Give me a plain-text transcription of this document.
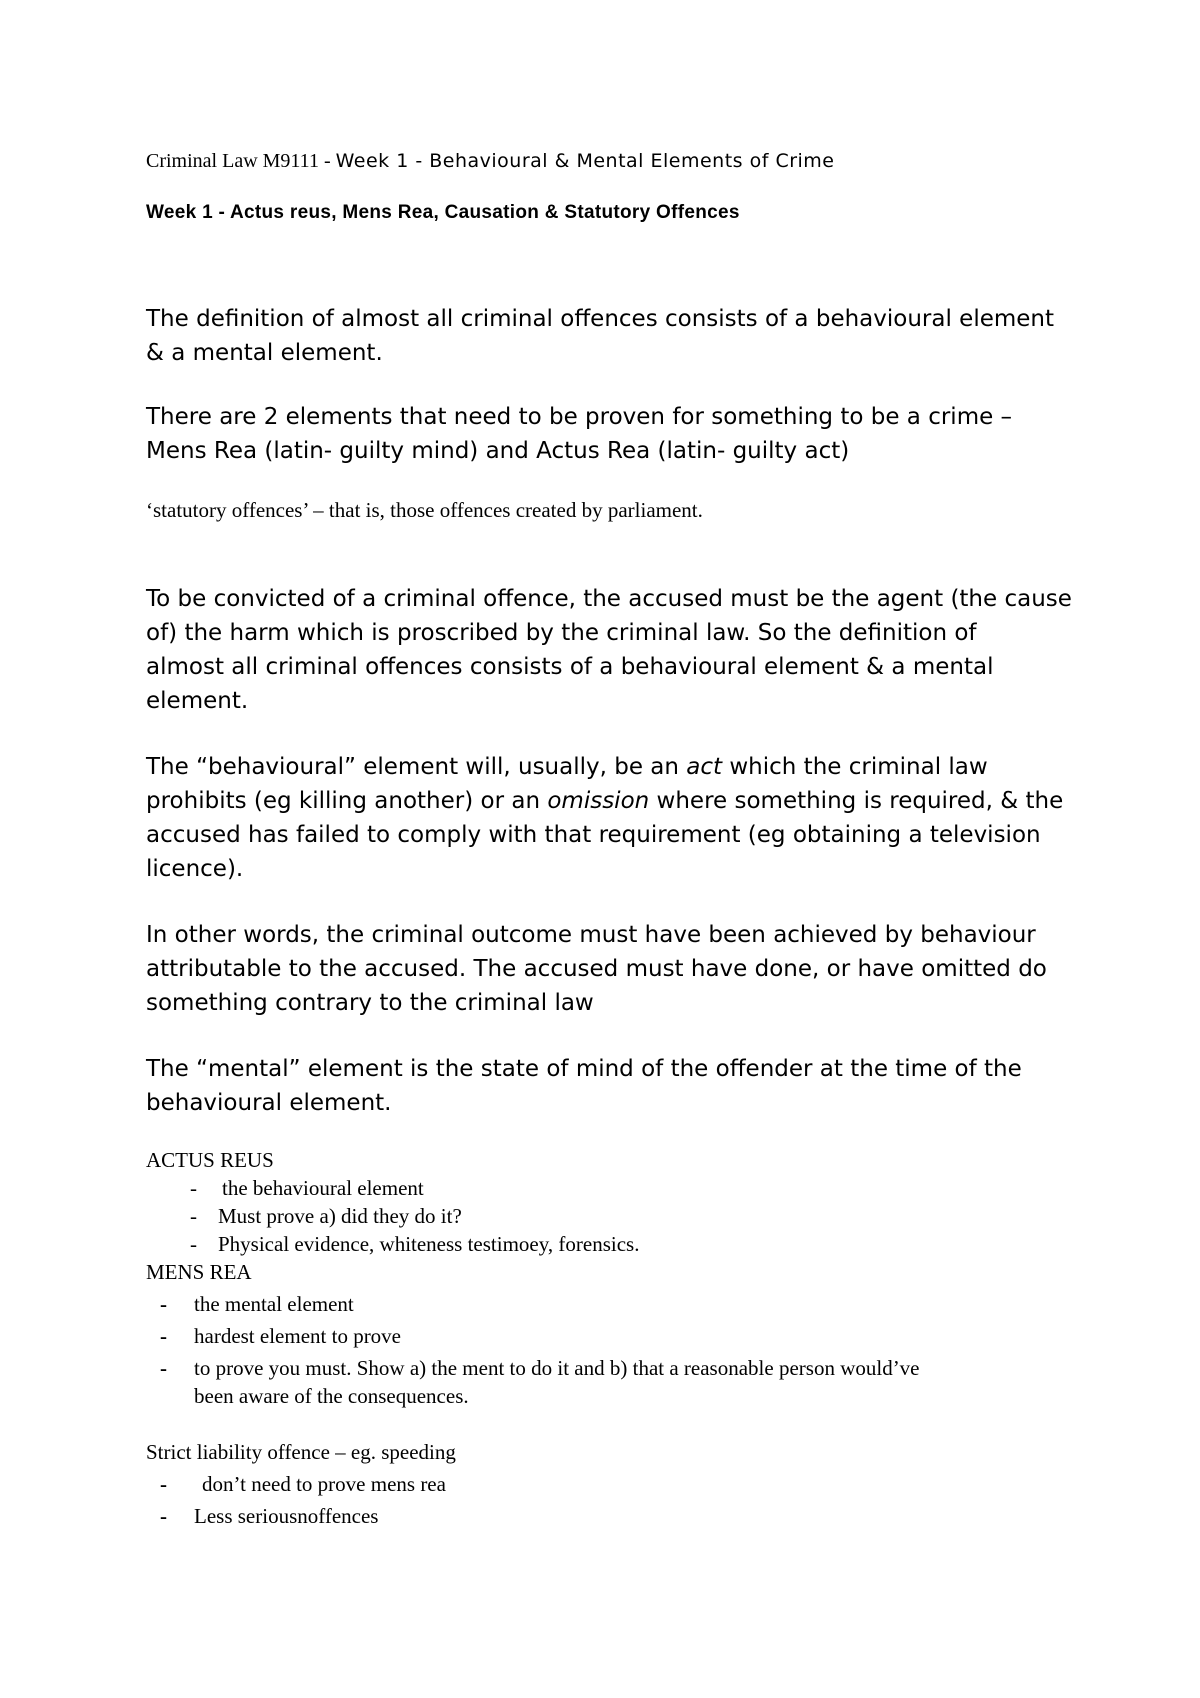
Criminal Law M9111 - Week 1 - Behavioural & Mental Elements of Crime
Week 1 - Actus reus, Mens Rea, Causation & Statutory Offences
The definition of almost all criminal offences consists of a behavioural element
& a mental element.
There are 2 elements that need to be proven for something to be a crime –
Mens Rea (latin- guilty mind) and Actus Rea (latin- guilty act)
‘statutory offences’ – that is, those offences created by parliament.
To be convicted of a criminal offence, the accused must be the agent (the cause
of) the harm which is proscribed by the criminal law. So the definition of
almost all criminal offences consists of a behavioural element & a mental
element.
The “behavioural” element will, usually, be an act which the criminal law
prohibits (eg killing another) or an omission where something is required, & the
accused has failed to comply with that requirement (eg obtaining a television
licence).
In other words, the criminal outcome must have been achieved by behaviour
attributable to the accused. The accused must have done, or have omitted do
something contrary to the criminal law
The “mental” element is the state of mind of the offender at the time of the
behavioural element.
ACTUS REUS
- the behavioural element
- Must prove a) did they do it?
- Physical evidence, whiteness testimoey, forensics.
MENS REA
- the mental element
- hardest element to prove
- to prove you must. Show a) the ment to do it and b) that a reasonable person would’ve
been aware of the consequences.
Strict liability offence – eg. speeding
- don’t need to prove mens rea
- Less seriousnoffences
